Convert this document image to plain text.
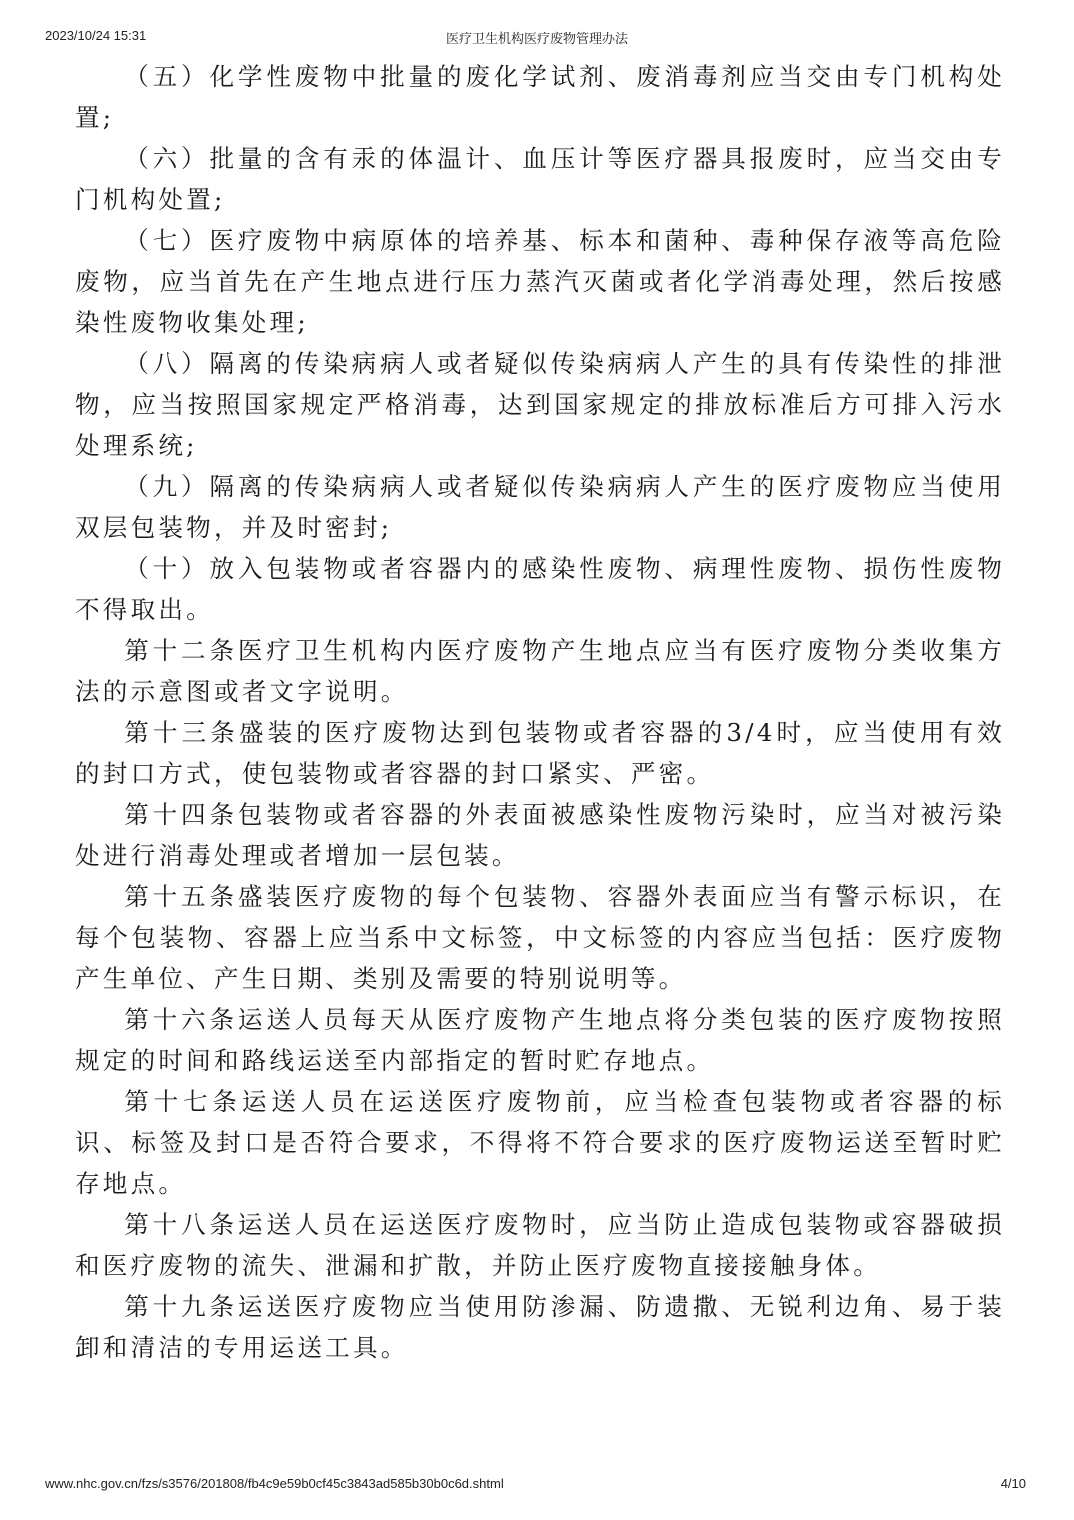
2023/10/24 15:31	医疗卫生机构医疗废物管理办法

（五）化学性废物中批量的废化学试剂、废消毒剂应当交由专门机构处置;

（六）批量的含有汞的体温计、血压计等医疗器具报废时，应当交由专门机构处置;

（七）医疗废物中病原体的培养基、标本和菌种、毒种保存液等高危险废物，应当首先在产生地点进行压力蒸汽灭菌或者化学消毒处理，然后按感染性废物收集处理;

（八）隔离的传染病病人或者疑似传染病病人产生的具有传染性的排泄物，应当按照国家规定严格消毒，达到国家规定的排放标准后方可排入污水处理系统;

（九）隔离的传染病病人或者疑似传染病病人产生的医疗废物应当使用双层包装物，并及时密封;

（十）放入包装物或者容器内的感染性废物、病理性废物、损伤性废物不得取出。

第十二条医疗卫生机构内医疗废物产生地点应当有医疗废物分类收集方法的示意图或者文字说明。

第十三条盛装的医疗废物达到包装物或者容器的3/4时，应当使用有效的封口方式，使包装物或者容器的封口紧实、严密。

第十四条包装物或者容器的外表面被感染性废物污染时，应当对被污染处进行消毒处理或者增加一层包装。

第十五条盛装医疗废物的每个包装物、容器外表面应当有警示标识，在每个包装物、容器上应当系中文标签，中文标签的内容应当包括：医疗废物产生单位、产生日期、类别及需要的特别说明等。

第十六条运送人员每天从医疗废物产生地点将分类包装的医疗废物按照规定的时间和路线运送至内部指定的暂时贮存地点。

第十七条运送人员在运送医疗废物前，应当检查包装物或者容器的标识、标签及封口是否符合要求，不得将不符合要求的医疗废物运送至暂时贮存地点。

第十八条运送人员在运送医疗废物时，应当防止造成包装物或容器破损和医疗废物的流失、泄漏和扩散，并防止医疗废物直接接触身体。

第十九条运送医疗废物应当使用防渗漏、防遗撒、无锐利边角、易于装卸和清洁的专用运送工具。

www.nhc.gov.cn/fzs/s3576/201808/fb4c9e59b0cf45c3843ad585b30b0c6d.shtml	4/10
